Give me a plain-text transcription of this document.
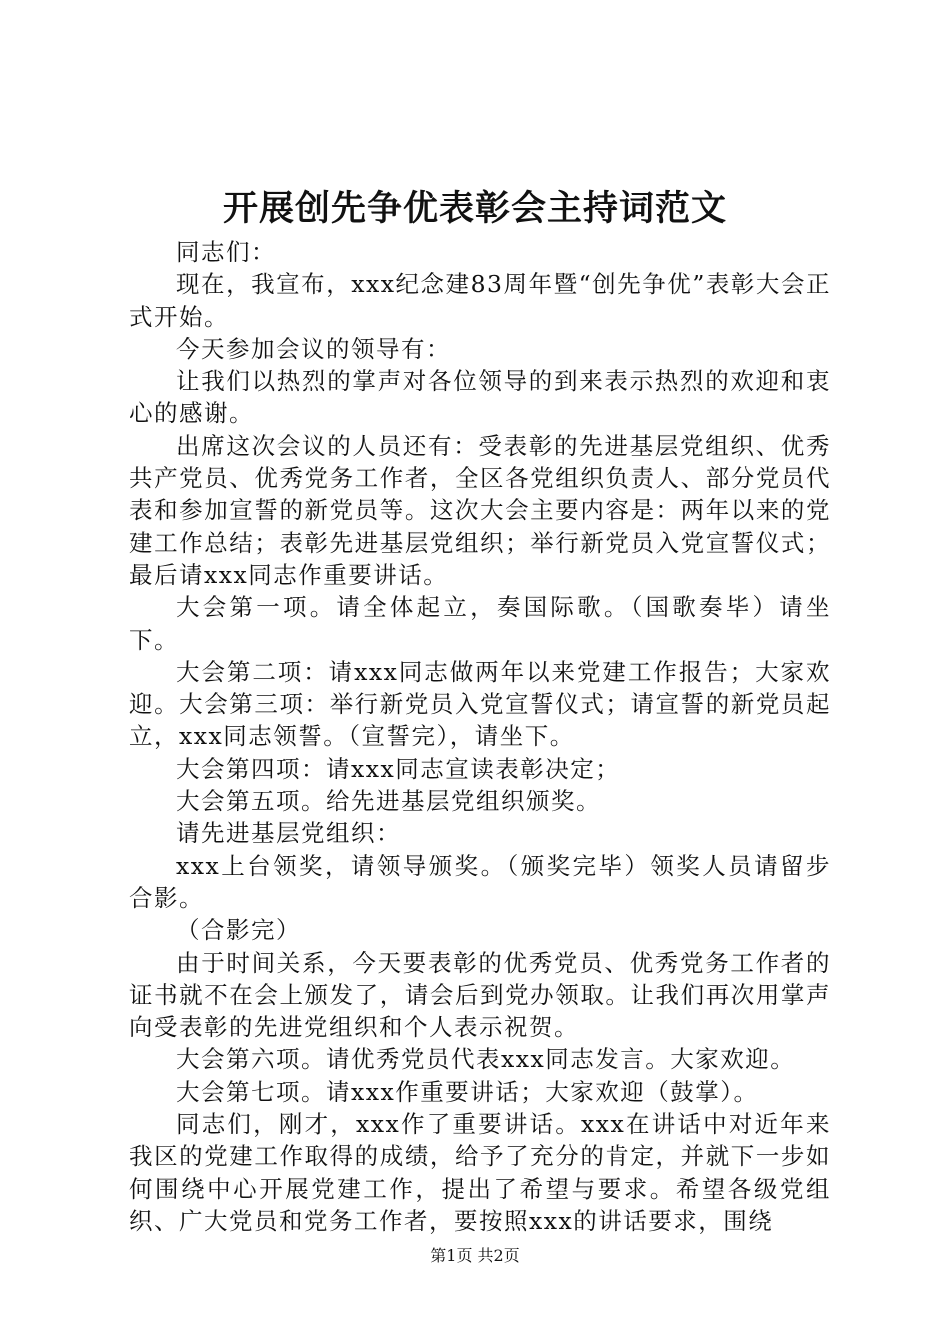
开展创先争优表彰会主持词范文

同志们：

现在，我宣布，xxx纪念建83周年暨“创先争优”表彰大会正式开始。

今天参加会议的领导有：

让我们以热烈的掌声对各位领导的到来表示热烈的欢迎和衷心的感谢。

出席这次会议的人员还有：受表彰的先进基层党组织、优秀共产党员、优秀党务工作者，全区各党组织负责人、部分党员代表和参加宣誓的新党员等。这次大会主要内容是：两年以来的党建工作总结；表彰先进基层党组织；举行新党员入党宣誓仪式；最后请xxx同志作重要讲话。

大会第一项。请全体起立，奏国际歌。（国歌奏毕）请坐下。

大会第二项：请xxx同志做两年以来党建工作报告；大家欢迎。大会第三项：举行新党员入党宣誓仪式；请宣誓的新党员起立，xxx同志领誓。（宣誓完），请坐下。

大会第四项：请xxx同志宣读表彰决定；

大会第五项。给先进基层党组织颁奖。

请先进基层党组织：

xxx上台领奖，请领导颁奖。（颁奖完毕）领奖人员请留步合影。

（合影完）

由于时间关系，今天要表彰的优秀党员、优秀党务工作者的证书就不在会上颁发了，请会后到党办领取。让我们再次用掌声向受表彰的先进党组织和个人表示祝贺。

大会第六项。请优秀党员代表xxx同志发言。大家欢迎。

大会第七项。请xxx作重要讲话；大家欢迎（鼓掌）。

同志们，刚才，xxx作了重要讲话。xxx在讲话中对近年来我区的党建工作取得的成绩，给予了充分的肯定，并就下一步如何围绕中心开展党建工作，提出了希望与要求。希望各级党组织、广大党员和党务工作者，要按照xxx的讲话要求，围绕

第1页 共2页
